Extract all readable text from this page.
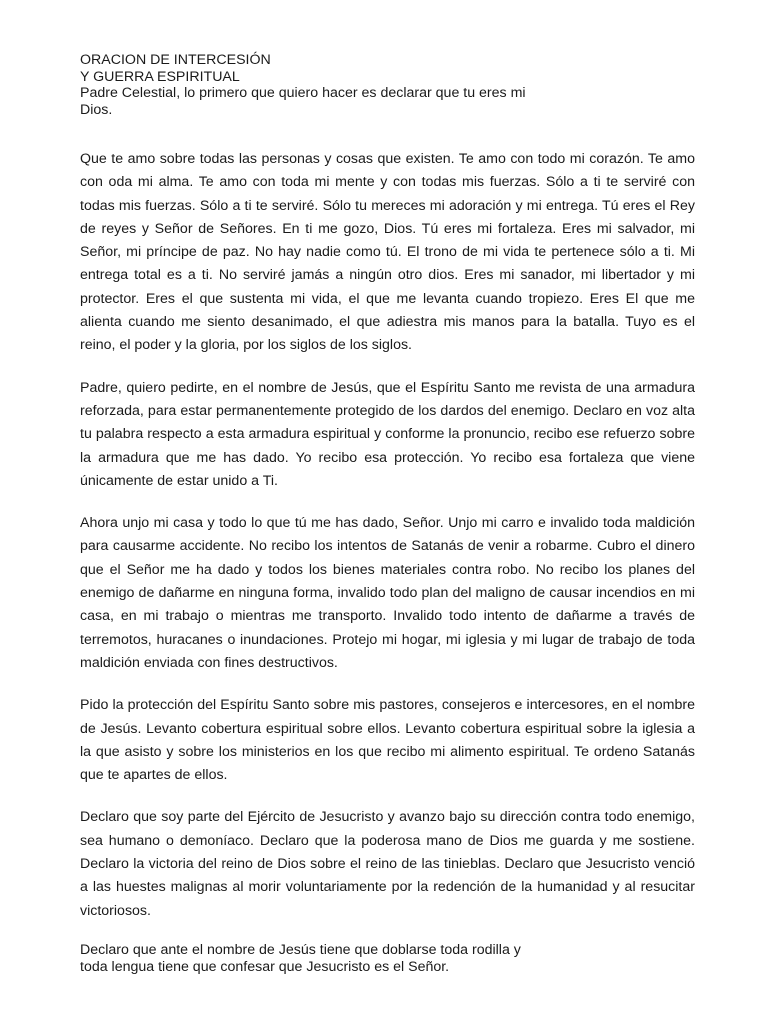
ORACION DE INTERCESIÓN
Y GUERRA ESPIRITUAL
Padre Celestial, lo primero que quiero hacer es declarar que tu eres mi
Dios.

Que te amo sobre todas las personas y cosas que existen. Te amo con todo mi corazón. Te amo con oda mi alma. Te amo con toda mi mente y con todas mis fuerzas. Sólo a ti te serviré con todas mis fuerzas. Sólo a ti te serviré. Sólo tu mereces mi adoración y mi entrega. Tú eres el Rey de reyes y Señor de Señores. En ti me gozo, Dios. Tú eres mi fortaleza. Eres mi salvador, mi Señor, mi príncipe de paz. No hay nadie como tú. El trono de mi vida te pertenece sólo a ti. Mi entrega total es a ti. No serviré jamás a ningún otro dios. Eres mi sanador, mi libertador y mi protector. Eres el que sustenta mi vida, el que me levanta cuando tropiezo. Eres El que me alienta cuando me siento desanimado, el que adiestra mis manos para la batalla. Tuyo es el reino, el poder y la gloria, por los siglos de los siglos.

Padre, quiero pedirte, en el nombre de Jesús, que el Espíritu Santo me revista de una armadura reforzada, para estar permanentemente protegido de los dardos del enemigo. Declaro en voz alta tu palabra respecto a esta armadura espiritual y conforme la pronuncio, recibo ese refuerzo sobre la armadura que me has dado. Yo recibo esa protección. Yo recibo esa fortaleza que viene únicamente de estar unido a Ti.

Ahora unjo mi casa y todo lo que tú me has dado, Señor. Unjo mi carro e invalido toda maldición para causarme accidente. No recibo los intentos de Satanás de venir a robarme. Cubro el dinero que el Señor me ha dado y todos los bienes materiales contra robo. No recibo los planes del enemigo de dañarme en ninguna forma, invalido todo plan del maligno de causar incendios en mi casa, en mi trabajo o mientras me transporto. Invalido todo intento de dañarme a través de terremotos, huracanes o inundaciones. Protejo mi hogar, mi iglesia y mi lugar de trabajo de toda maldición enviada con fines destructivos.

Pido la protección del Espíritu Santo sobre mis pastores, consejeros e intercesores, en el nombre de Jesús. Levanto cobertura espiritual sobre ellos. Levanto cobertura espiritual sobre la iglesia a la que asisto y sobre los ministerios en los que recibo mi alimento espiritual. Te ordeno Satanás que te apartes de ellos.

Declaro que soy parte del Ejército de Jesucristo y avanzo bajo su dirección contra todo enemigo, sea humano o demoníaco. Declaro que la poderosa mano de Dios me guarda y me sostiene. Declaro la victoria del reino de Dios sobre el reino de las tinieblas. Declaro que Jesucristo venció a las huestes malignas al morir voluntariamente por la redención de la humanidad y al resucitar victoriosos.

Declaro que ante el nombre de Jesús tiene que doblarse toda rodilla y
toda lengua tiene que confesar que Jesucristo es el Señor.
